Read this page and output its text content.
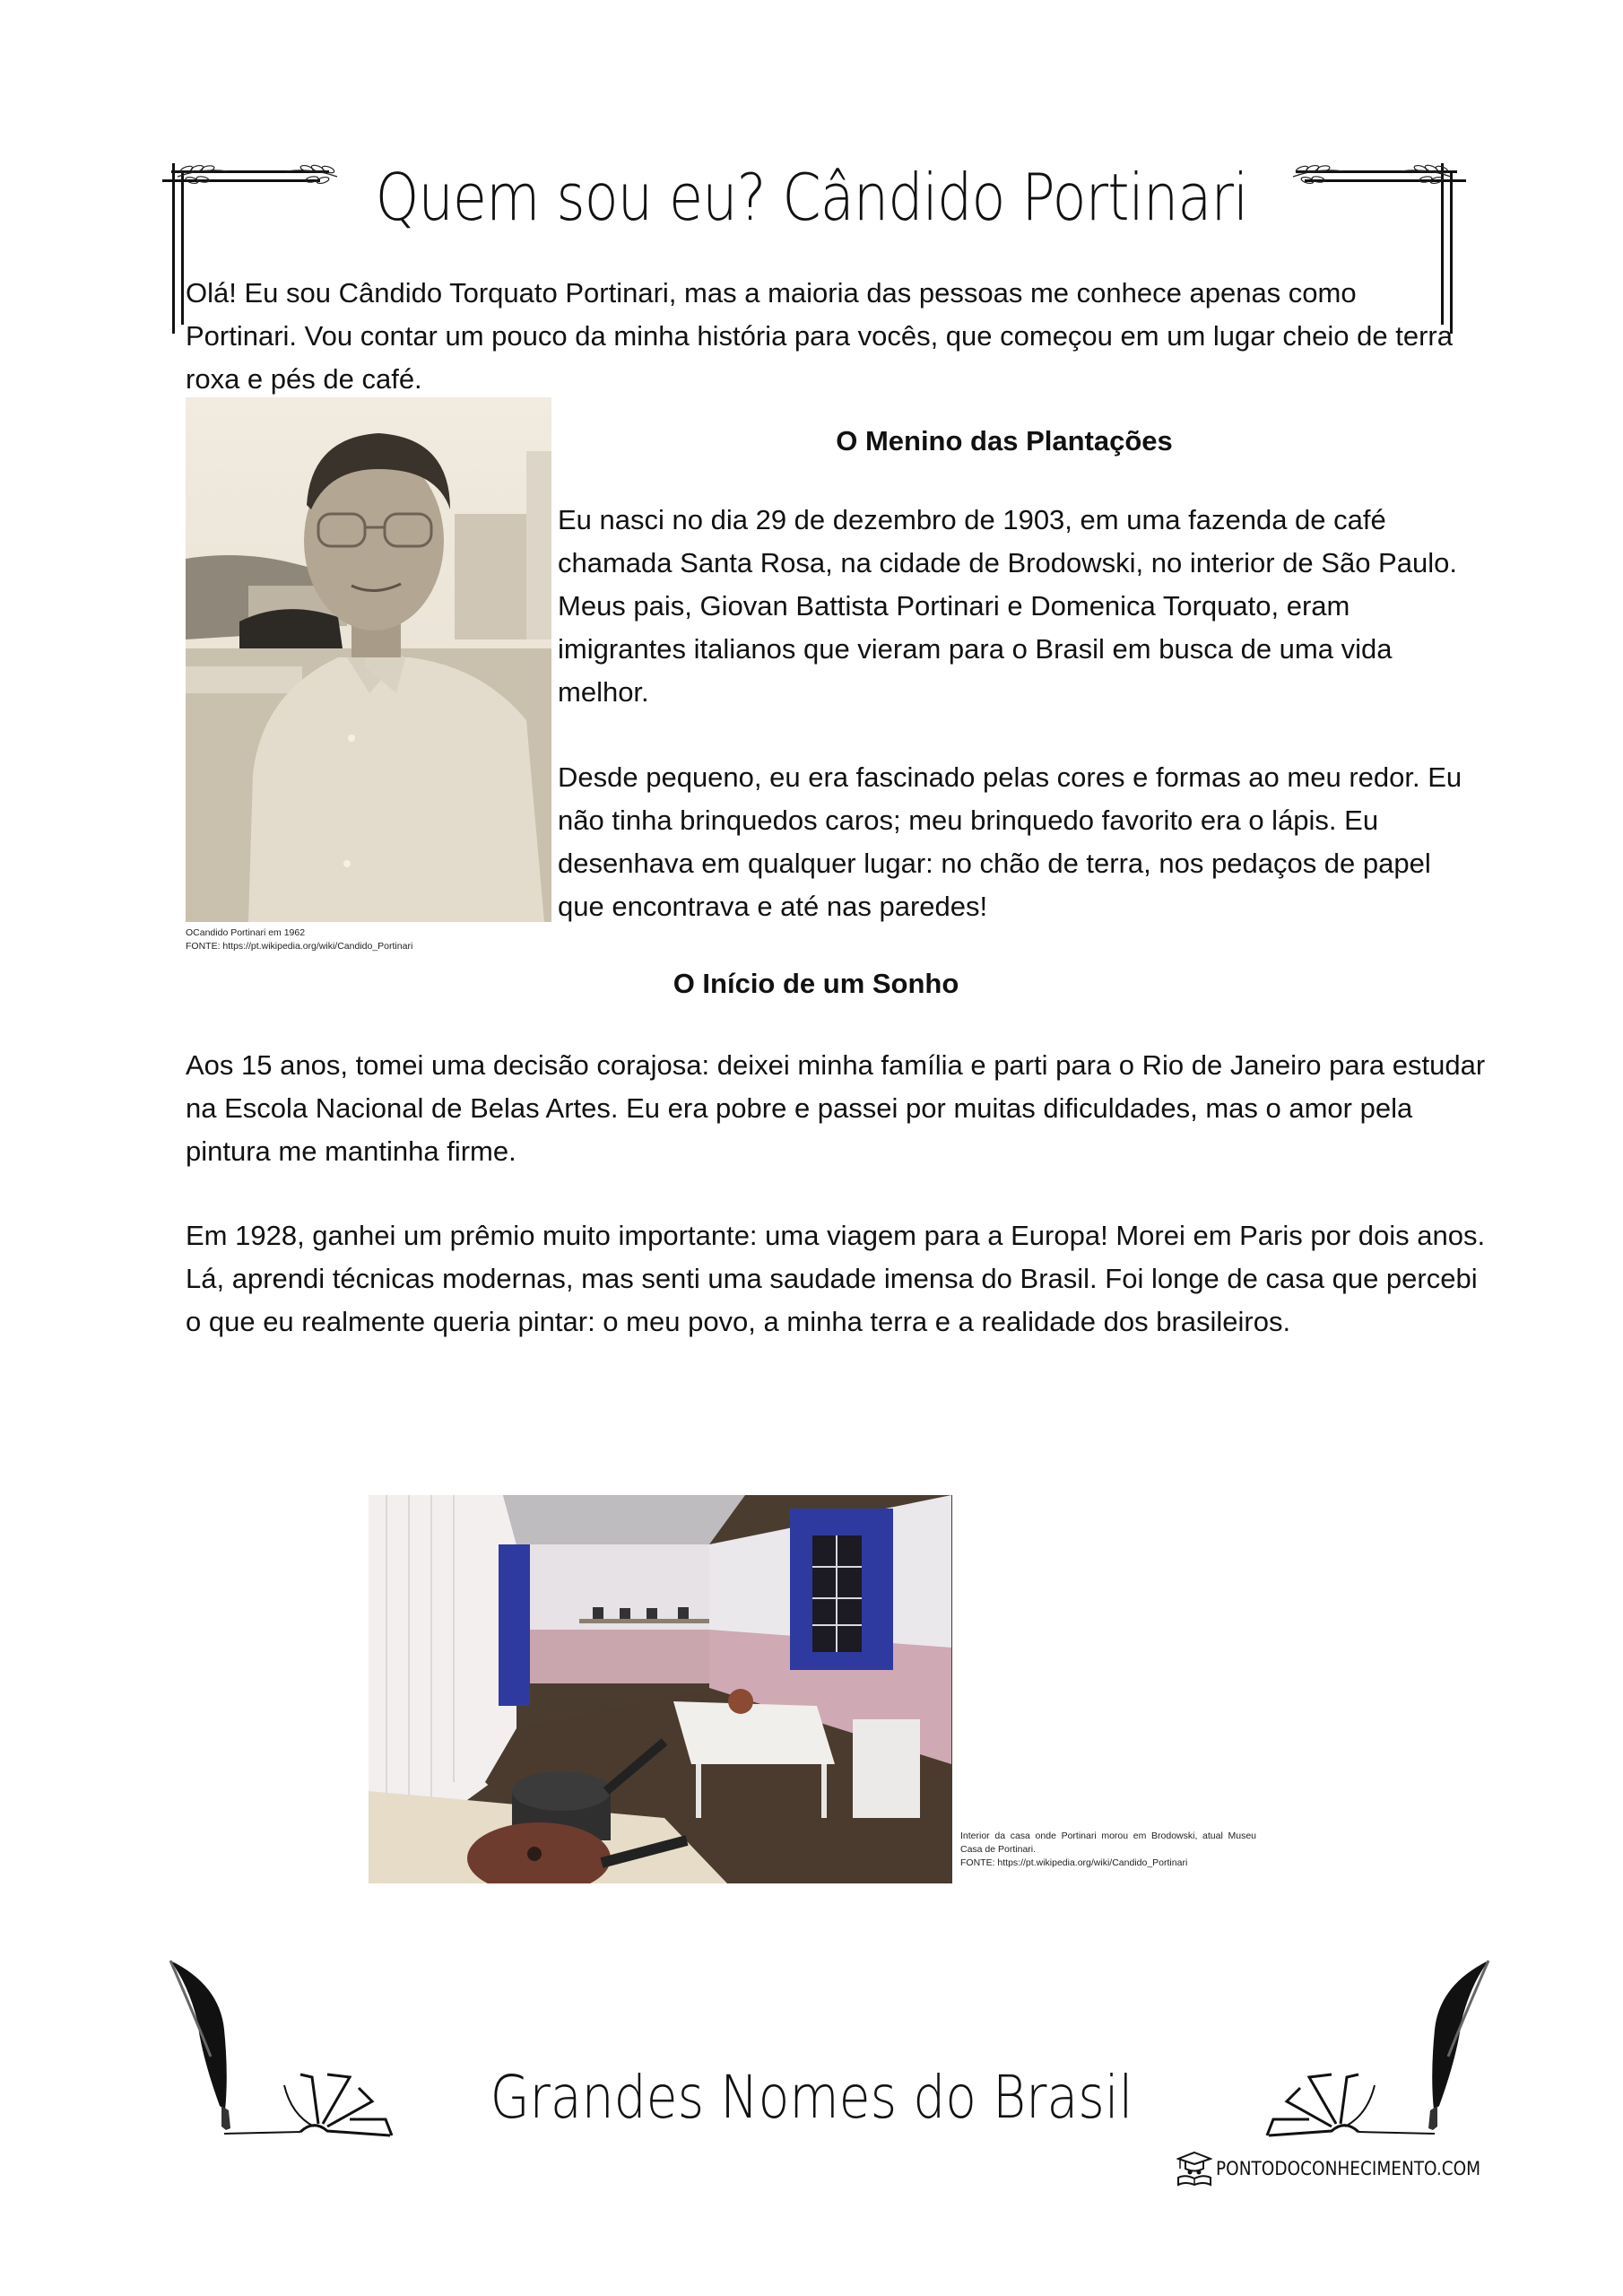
Quem sou eu? Cândido Portinari

Olá! Eu sou Cândido Torquato Portinari, mas a maioria das pessoas me conhece apenas como Portinari. Vou contar um pouco da minha história para vocês, que começou em um lugar cheio de terra roxa e pés de café.

OCandido Portinari em 1962
FONTE: https://pt.wikipedia.org/wiki/Candido_Portinari
O Menino das Plantações

Eu nasci no dia 29 de dezembro de 1903, em uma fazenda de café chamada Santa Rosa, na cidade de Brodowski, no interior de São Paulo. Meus pais, Giovan Battista Portinari e Domenica Torquato, eram imigrantes italianos que vieram para o Brasil em busca de uma vida melhor.

Desde pequeno, eu era fascinado pelas cores e formas ao meu redor. Eu não tinha brinquedos caros; meu brinquedo favorito era o lápis. Eu desenhava em qualquer lugar: no chão de terra, nos pedaços de papel que encontrava e até nas paredes!

O Início de um Sonho

Aos 15 anos, tomei uma decisão corajosa: deixei minha família e parti para o Rio de Janeiro para estudar na Escola Nacional de Belas Artes. Eu era pobre e passei por muitas dificuldades, mas o amor pela pintura me mantinha firme.

Em 1928, ganhei um prêmio muito importante: uma viagem para a Europa! Morei em Paris por dois anos. Lá, aprendi técnicas modernas, mas senti uma saudade imensa do Brasil. Foi longe de casa que percebi o que eu realmente queria pintar: o meu povo, a minha terra e a realidade dos brasileiros.

Interior da casa onde Portinari morou em Brodowski, atual Museu Casa de Portinari.
FONTE: https://pt.wikipedia.org/wiki/Candido_Portinari
Grandes Nomes do Brasil
PONTODOCONHECIMENTO.COM
